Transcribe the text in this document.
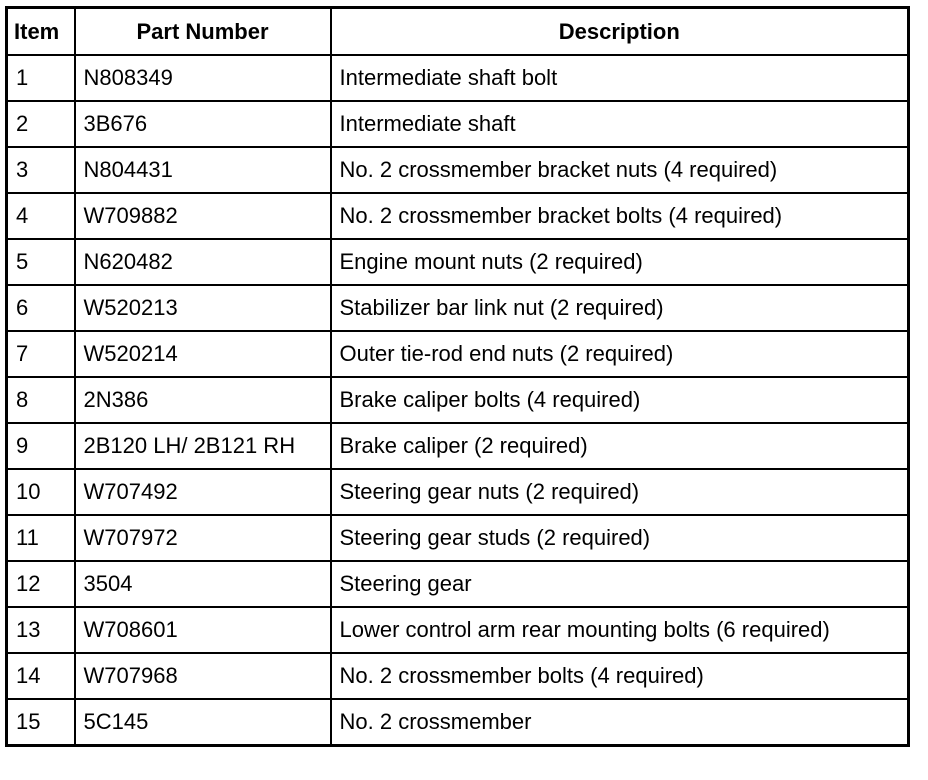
Item	Part Number	Description
1	N808349	Intermediate shaft bolt
2	3B676	Intermediate shaft
3	N804431	No. 2 crossmember bracket nuts (4 required)
4	W709882	No. 2 crossmember bracket bolts (4 required)
5	N620482	Engine mount nuts (2 required)
6	W520213	Stabilizer bar link nut (2 required)
7	W520214	Outer tie-rod end nuts (2 required)
8	2N386	Brake caliper bolts (4 required)
9	2B120 LH/ 2B121 RH	Brake caliper (2 required)
10	W707492	Steering gear nuts (2 required)
11	W707972	Steering gear studs (2 required)
12	3504	Steering gear
13	W708601	Lower control arm rear mounting bolts (6 required)
14	W707968	No. 2 crossmember bolts (4 required)
15	5C145	No. 2 crossmember
